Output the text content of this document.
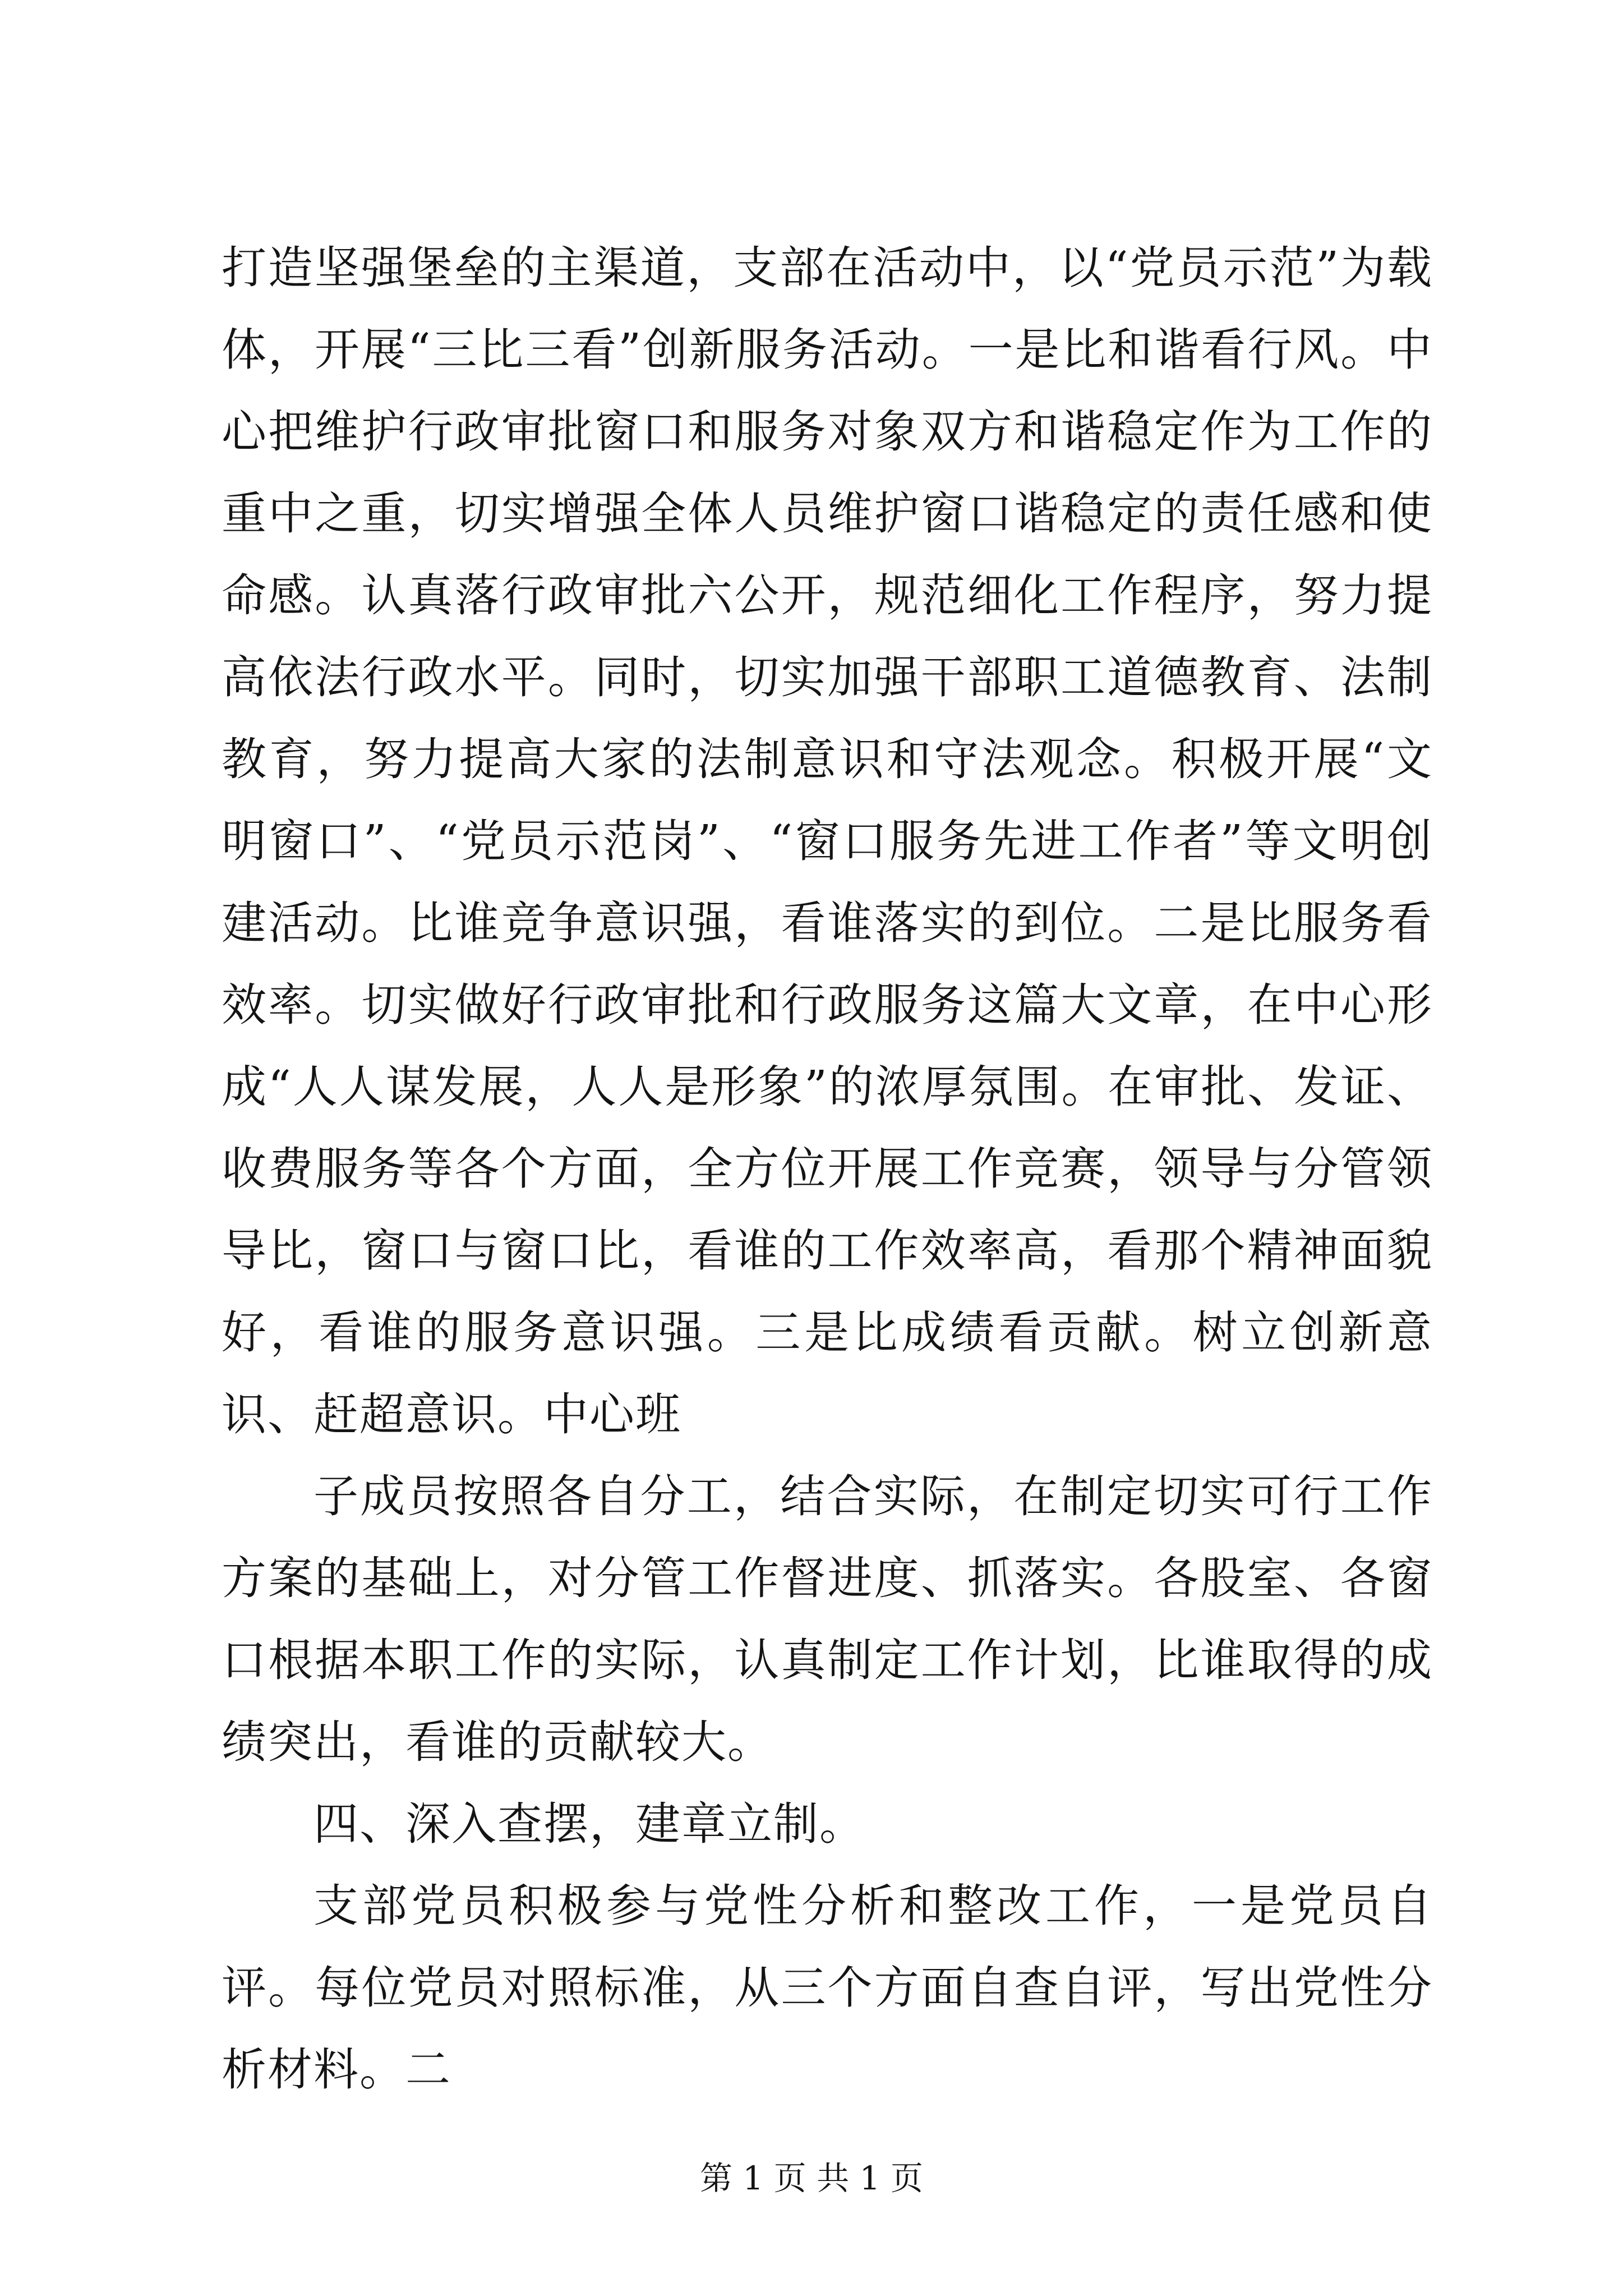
打造坚强堡垒的主渠道，支部在活动中，以“党员示范”为载体，开展“三比三看”创新服务活动。一是比和谐看行风。中心把维护行政审批窗口和服务对象双方和谐稳定作为工作的重中之重，切实增强全体人员维护窗口谐稳定的责任感和使命感。认真落行政审批六公开，规范细化工作程序，努力提高依法行政水平。同时，切实加强干部职工道德教育、法制教育，努力提高大家的法制意识和守法观念。积极开展“文明窗口”、“党员示范岗”、“窗口服务先进工作者”等文明创建活动。比谁竞争意识强，看谁落实的到位。二是比服务看效率。切实做好行政审批和行政服务这篇大文章，在中心形成“人人谋发展，人人是形象”的浓厚氛围。在审批、发证、收费服务等各个方面，全方位开展工作竞赛，领导与分管领导比，窗口与窗口比，看谁的工作效率高，看那个精神面貌好，看谁的服务意识强。三是比成绩看贡献。树立创新意识、赶超意识。中心班

子成员按照各自分工，结合实际，在制定切实可行工作方案的基础上，对分管工作督进度、抓落实。各股室、各窗口根据本职工作的实际，认真制定工作计划，比谁取得的成绩突出，看谁的贡献较大。

四、深入查摆，建章立制。

支部党员积极参与党性分析和整改工作，一是党员自评。每位党员对照标准，从三个方面自查自评，写出党性分析材料。二

第 1 页 共 1 页
